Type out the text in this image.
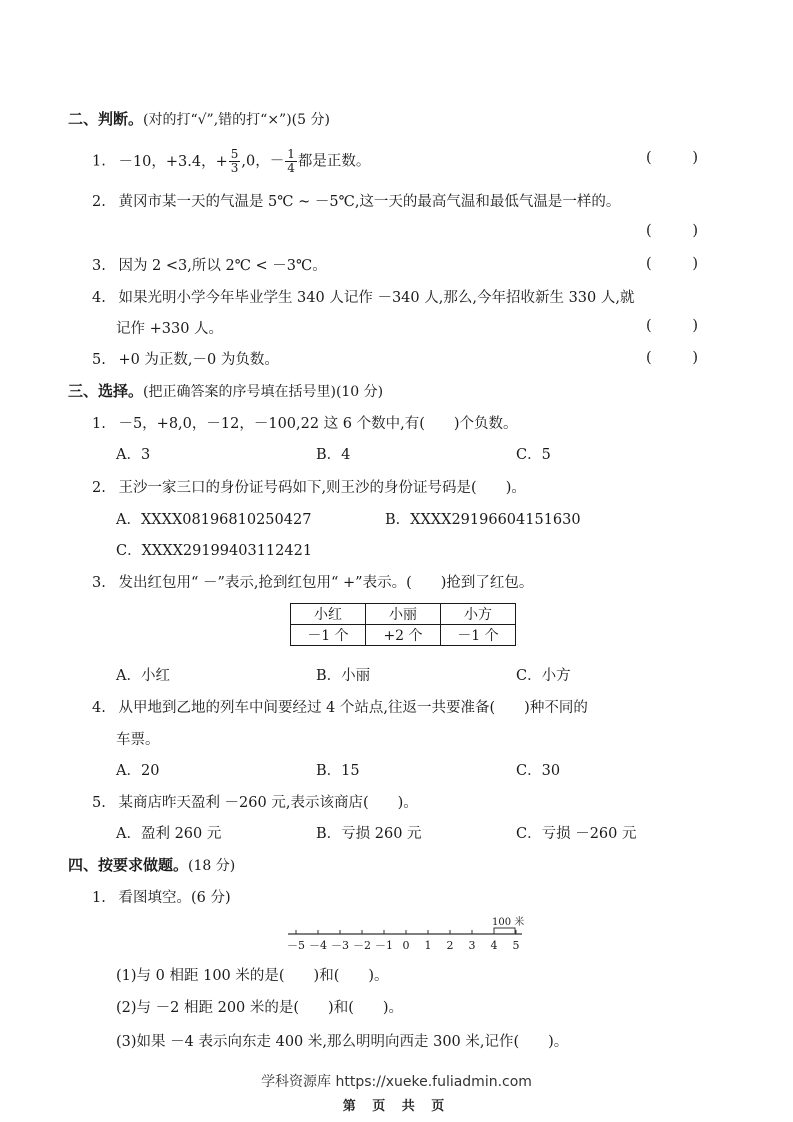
二、判断。(对的打“√”,错的打“×”)(5 分)
1. －10，+3.4，+ $\frac{5}{3} ,0$，－ $\frac{1}{4}$ 都是正数。	(	)
2. 黄冈市某一天的气温是 5℃ ~ －5℃,这一天的最高气温和最低气温是一样的。
(	)
3. 因为 2 <3,所以 2℃ < －3℃。	(	)
4. 如果光明小学今年毕业学生 340 人记作 －340 人,那么,今年招收新生 330 人,就
记作 +330 人。	(	)
5. +0 为正数,－0 为负数。	(	)
三、选择。(把正确答案的序号填在括号里)(10 分)
1. －5，+8,0，－12，－100,22 这 6 个数中,有(　　)个负数。
A．3	B．4	C．5
2. 王沙一家三口的身份证号码如下,则王沙的身份证号码是(　　)。
A．XXXX08196810250427	B．XXXX29196604151630
C．XXXX29199403112421
3. 发出红包用“ －”表示,抢到红包用“ +”表示。(　　)抢到了红包。
小红	小丽	小方
－1 个	+2 个	－1 个
A．小红	B．小丽	C．小方
4. 从甲地到乙地的列车中间要经过 4 个站点,往返一共要准备(　　)种不同的
车票。
A．20	B．15	C．30
5. 某商店昨天盈利 －260 元,表示该商店(　　)。
A．盈利 260 元	B．亏损 260 元	C．亏损 －260 元
四、按要求做题。(18 分)
1. 看图填空。(6 分)
－5 －4 －3 －2 －1 0 1 2 3 4 5
100 米
(1)与 0 相距 100 米的是(　　)和(　　)。
(2)与 －2 相距 200 米的是(　　)和(　　)。
(3)如果 －4 表示向东走 400 米,那么明明向西走 300 米,记作(　　)。
学科资源库 https://xueke.fuliadmin.com
第 页 共 页
